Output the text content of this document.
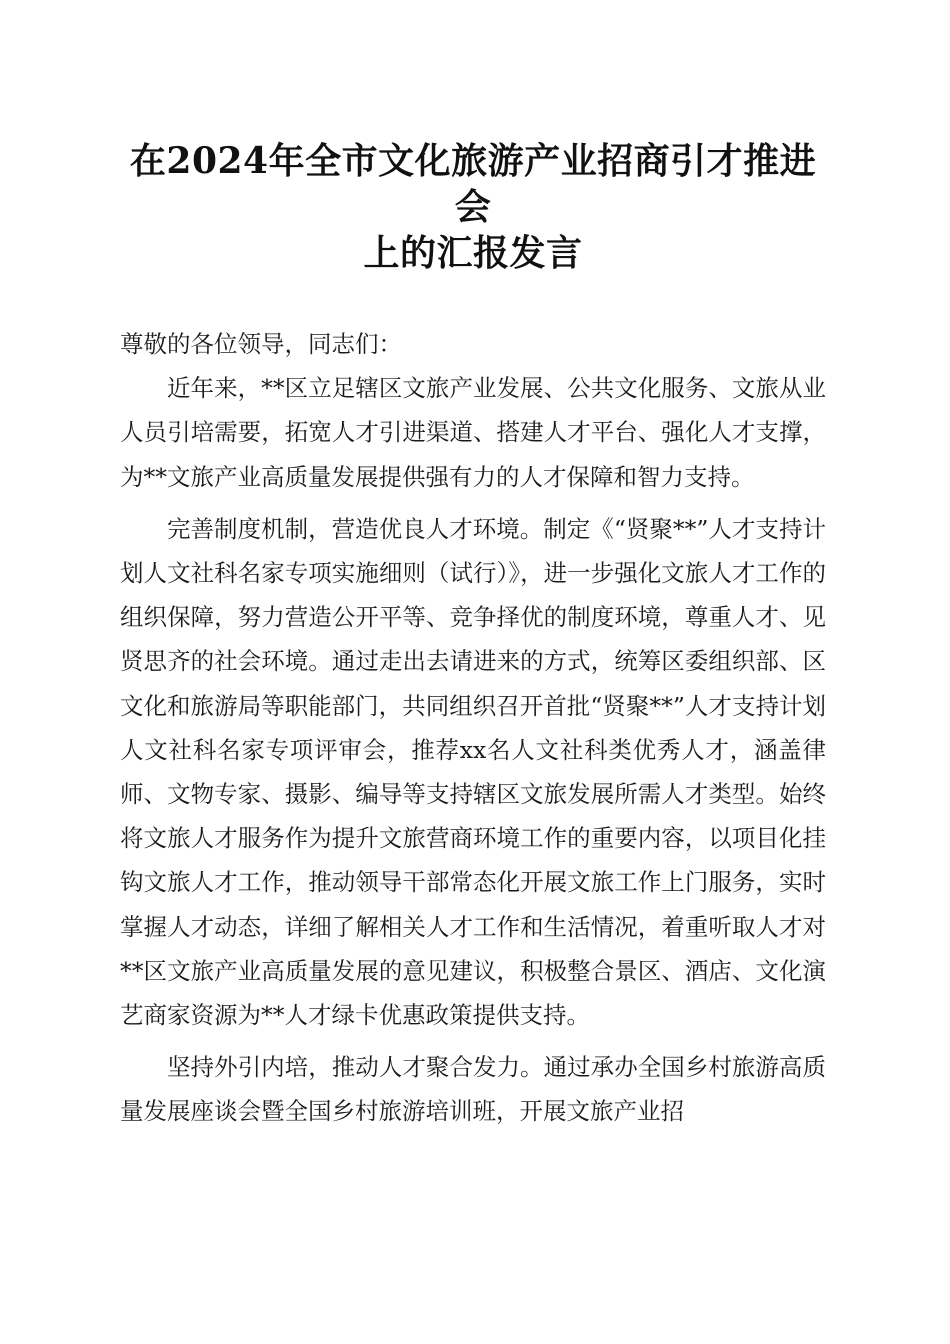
在2024年全市文化旅游产业招商引才推进会
上的汇报发言

尊敬的各位领导，同志们：

近年来，**区立足辖区文旅产业发展、公共文化服务、文旅从业人员引培需要，拓宽人才引进渠道、搭建人才平台、强化人才支撑，为**文旅产业高质量发展提供强有力的人才保障和智力支持。

完善制度机制，营造优良人才环境。制定《“贤聚**”人才支持计划人文社科名家专项实施细则（试行）》，进一步强化文旅人才工作的组织保障，努力营造公开平等、竞争择优的制度环境，尊重人才、见贤思齐的社会环境。通过走出去请进来的方式，统筹区委组织部、区文化和旅游局等职能部门，共同组织召开首批“贤聚**”人才支持计划人文社科名家专项评审会，推荐xx名人文社科类优秀人才，涵盖律师、文物专家、摄影、编导等支持辖区文旅发展所需人才类型。始终将文旅人才服务作为提升文旅营商环境工作的重要内容，以项目化挂钩文旅人才工作，推动领导干部常态化开展文旅工作上门服务，实时掌握人才动态，详细了解相关人才工作和生活情况，着重听取人才对**区文旅产业高质量发展的意见建议，积极整合景区、酒店、文化演艺商家资源为**人才绿卡优惠政策提供支持。

坚持外引内培，推动人才聚合发力。通过承办全国乡村旅游高质量发展座谈会暨全国乡村旅游培训班，开展文旅产业招
